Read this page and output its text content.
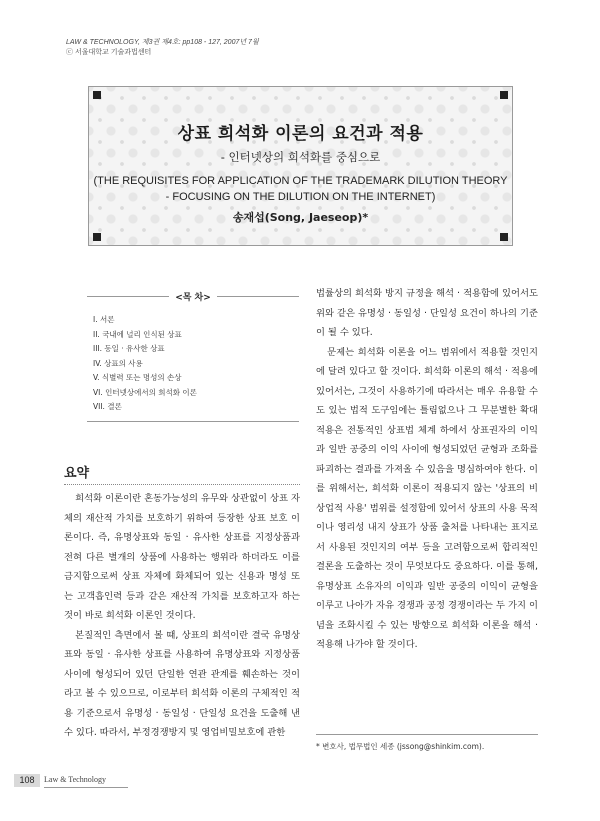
LAW & TECHNOLOGY, 제3권 제4호: pp108 - 127, 2007년 7월
ⓒ 서울대학교 기술과법센터
상표 희석화 이론의 요건과 적용
- 인터넷상의 희석화를 중심으로
(THE REQUISITES FOR APPLICATION OF THE TRADEMARK DILUTION THEORY
- FOCUSING ON THE DILUTION ON THE INTERNET)
송재섭(Song, Jaeseop)*
<목 차>
I. 서론
II. 국내에 널리 인식된 상표
III. 동일 · 유사한 상표
IV. 상표의 사용
V. 식별력 또는 명성의 손상
VI. 인터넷상에서의 희석화 이론
VII. 결론
요약

희석화 이론이란 혼동가능성의 유무와 상관없이 상표 자체의 재산적 가치를 보호하기 위하여 등장한 상표 보호 이론이다. 즉, 유명상표와 동일 · 유사한 상표를 지정상품과 전혀 다른 별개의 상품에 사용하는 행위라 하더라도 이를 금지함으로써 상표 자체에 화체되어 있는 신용과 명성 또는 고객흡인력 등과 같은 재산적 가치를 보호하고자 하는 것이 바로 희석화 이론인 것이다.

본질적인 측면에서 볼 때, 상표의 희석이란 결국 유명상표와 동일 · 유사한 상표를 사용하여 유명상표와 지정상품 사이에 형성되어 있던 단일한 연관 관계를 훼손하는 것이라고 볼 수 있으므로, 이로부터 희석화 이론의 구체적인 적용 기준으로서 유명성 · 동일성 · 단일성 요건을 도출해 낸 수 있다. 따라서, 부정경쟁방지 및 영업비밀보호에 관한

법률상의 희석화 방지 규정을 해석 · 적용함에 있어서도 위와 같은 유명성 · 동일성 · 단일성 요건이 하나의 기준이 될 수 있다.

문제는 희석화 이론을 어느 범위에서 적용할 것인지에 달려 있다고 할 것이다. 희석화 이론의 해석 · 적용에 있어서는, 그것이 사용하기에 따라서는 매우 유용할 수도 있는 법적 도구임에는 틀림없으나 그 무분별한 확대 적용은 전통적인 상표법 체계 하에서 상표권자의 이익과 일반 공중의 이익 사이에 형성되었던 균형과 조화를 파괴하는 결과를 가져올 수 있음을 명심하여야 한다. 이를 위해서는, 희석화 이론이 적용되지 않는 '상표의 비상업적 사용' 범위를 설정함에 있어서 상표의 사용 목적이나 영리성 내지 상표가 상품 출처를 나타내는 표지로서 사용된 것인지의 여부 등을 고려함으로써 합리적인 결론을 도출하는 것이 무엇보다도 중요하다. 이를 통해, 유명상표 소유자의 이익과 일반 공중의 이익이 균형을 이루고 나아가 자유 경쟁과 공정 경쟁이라는 두 가지 이념을 조화시킬 수 있는 방향으로 희석화 이론을 해석 · 적용해 나가야 할 것이다.

* 변호사, 법무법인 세종 (jssong@shinkim.com).
108	Law & Technology
